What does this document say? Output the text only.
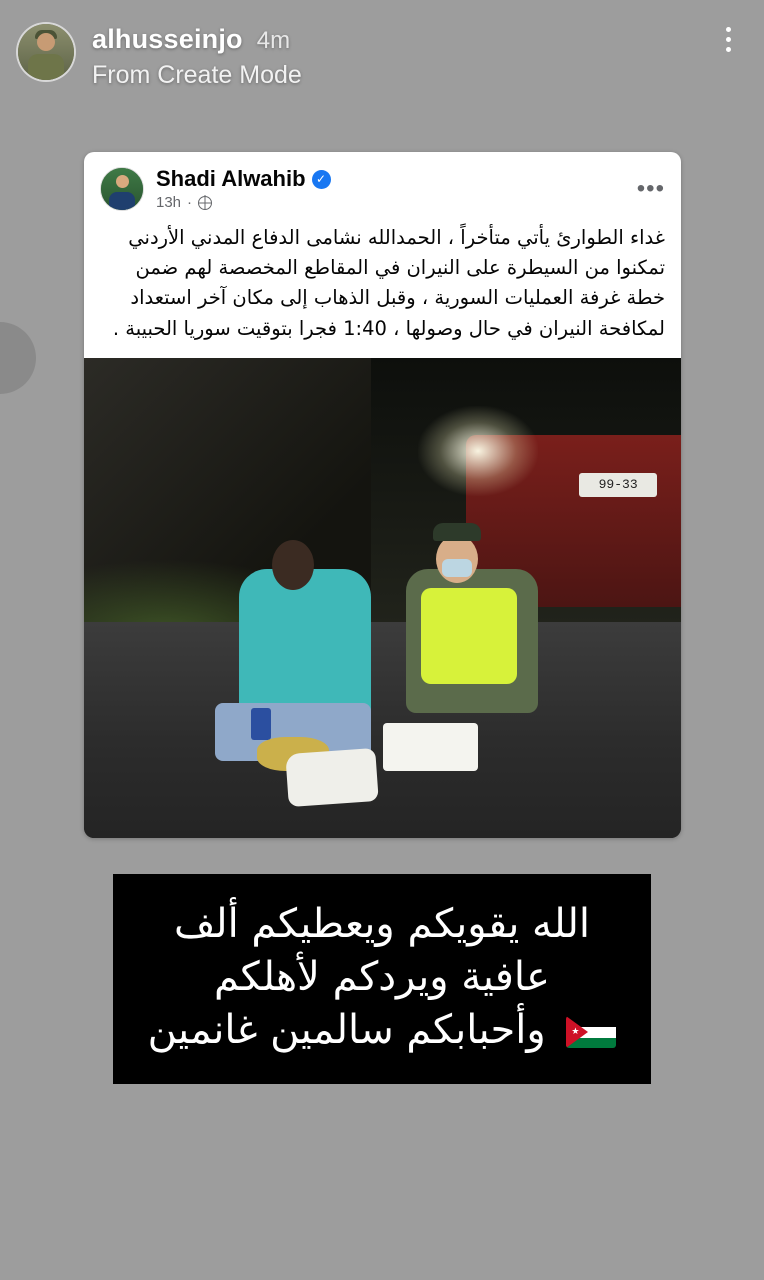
alhusseinjo 4m
From Create Mode
Shadi Alwahib ✓
13h ·
•••
غداء الطوارئ يأتي متأخراً ، الحمدالله نشامى الدفاع المدني الأردني تمكنوا من السيطرة على النيران في المقاطع المخصصة لهم ضمن خطة غرفة العمليات السورية ، وقبل الذهاب إلى مكان آخر استعداد لمكافحة النيران في حال وصولها ، 1:40 فجرا بتوقيت سوريا الحبيبة .
99-33
الله يقويكم ويعطيكم ألف
عافية ويردكم لأهلكم
★
وأحبابكم سالمين غانمين
